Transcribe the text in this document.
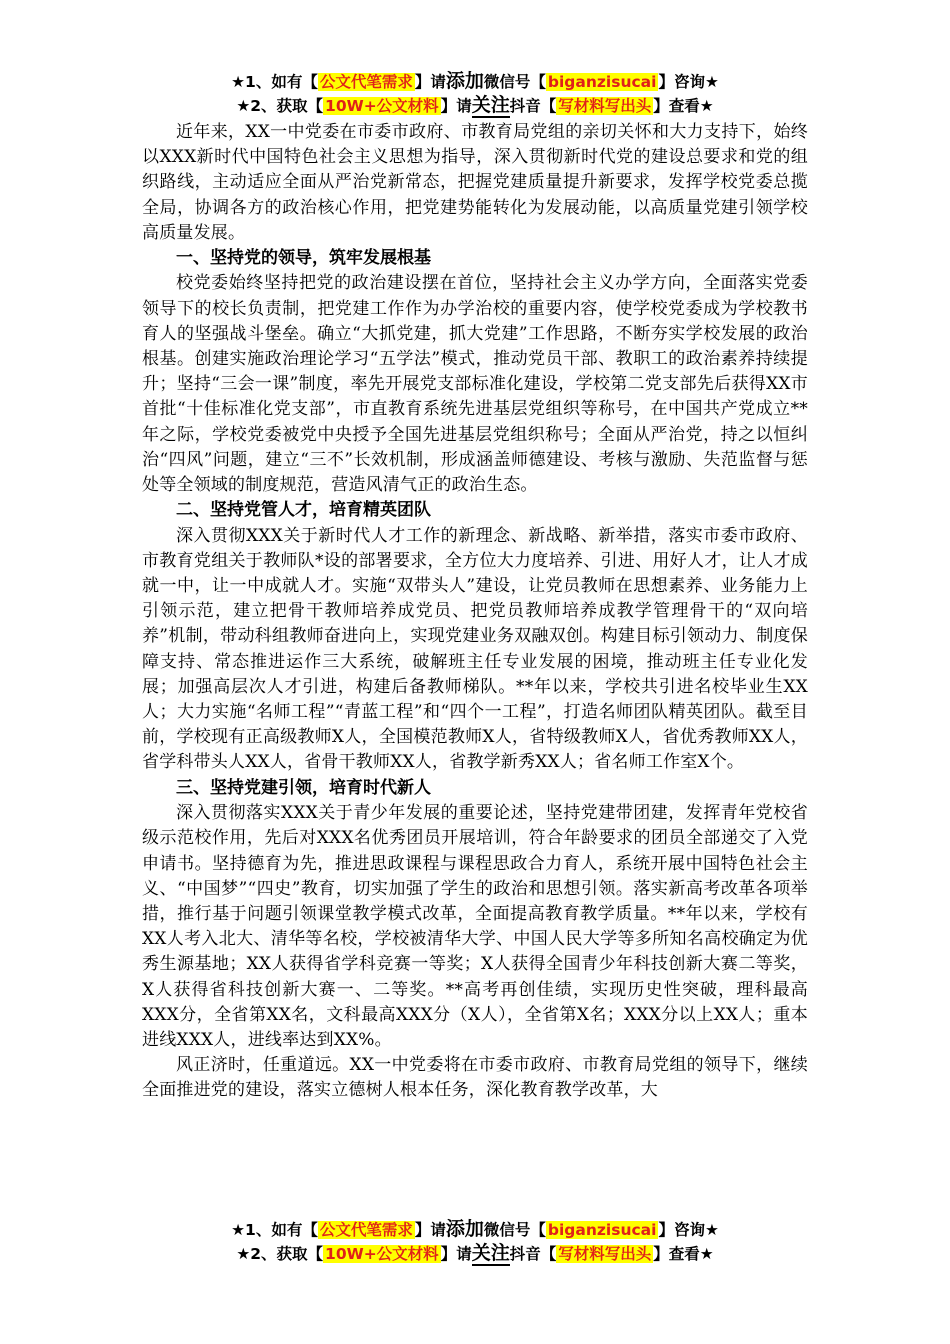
★1、如有【 公文代笔需求 】请添加微信号【 biganzisucai 】咨询★
★2、获取【 10W+公文材料 】请关注抖音【 写材料写出头 】查看★

近年来，XX一中党委在市委市政府、市教育局党组的亲切关怀和大力支持下，始终以XXX新时代中国特色社会主义思想为指导，深入贯彻新时代党的建设总要求和党的组织路线，主动适应全面从严治党新常态，把握党建质量提升新要求，发挥学校党委总揽全局，协调各方的政治核心作用，把党建势能转化为发展动能，以高质量党建引领学校高质量发展。

一、坚持党的领导，筑牢发展根基

校党委始终坚持把党的政治建设摆在首位，坚持社会主义办学方向，全面落实党委领导下的校长负责制，把党建工作作为办学治校的重要内容，使学校党委成为学校教书育人的坚强战斗堡垒。确立“大抓党建，抓大党建”工作思路，不断夯实学校发展的政治根基。创建实施政治理论学习“五学法”模式，推动党员干部、教职工的政治素养持续提升；坚持“三会一课”制度，率先开展党支部标准化建设，学校第二党支部先后获得XX市首批“十佳标准化党支部”，市直教育系统先进基层党组织等称号，在中国共产党成立**年之际，学校党委被党中央授予全国先进基层党组织称号；全面从严治党，持之以恒纠治“四风”问题，建立“三不”长效机制，形成涵盖师德建设、考核与激励、失范监督与惩处等全领域的制度规范，营造风清气正的政治生态。

二、坚持党管人才，培育精英团队

深入贯彻XXX关于新时代人才工作的新理念、新战略、新举措，落实市委市政府、市教育党组关于教师队*设的部署要求，全方位大力度培养、引进、用好人才，让人才成就一中，让一中成就人才。实施“双带头人”建设，让党员教师在思想素养、业务能力上引领示范，建立把骨干教师培养成党员、把党员教师培养成教学管理骨干的“双向培养”机制，带动科组教师奋进向上，实现党建业务双融双创。构建目标引领动力、制度保障支持、常态推进运作三大系统，破解班主任专业发展的困境，推动班主任专业化发展；加强高层次人才引进，构建后备教师梯队。**年以来，学校共引进名校毕业生XX人；大力实施“名师工程”“青蓝工程”和“四个一工程”，打造名师团队精英团队。截至目前，学校现有正高级教师X人，全国模范教师X人，省特级教师X人，省优秀教师XX人，省学科带头人XX人，省骨干教师XX人，省教学新秀XX人；省名师工作室X个。

三、坚持党建引领，培育时代新人

深入贯彻落实XXX关于青少年发展的重要论述，坚持党建带团建，发挥青年党校省级示范校作用，先后对XXX名优秀团员开展培训，符合年龄要求的团员全部递交了入党申请书。坚持德育为先，推进思政课程与课程思政合力育人，系统开展中国特色社会主义、“中国梦”“四史”教育，切实加强了学生的政治和思想引领。落实新高考改革各项举措，推行基于问题引领课堂教学模式改革，全面提高教育教学质量。**年以来，学校有XX人考入北大、清华等名校，学校被清华大学、中国人民大学等多所知名高校确定为优秀生源基地；XX人获得省学科竞赛一等奖；X人获得全国青少年科技创新大赛二等奖，X人获得省科技创新大赛一、二等奖。**高考再创佳绩，实现历史性突破，理科最高XXX分，全省第XX名，文科最高XXX分（X人），全省第X名；XXX分以上XX人；重本进线XXX人，进线率达到XX%。

风正济时，任重道远。XX一中党委将在市委市政府、市教育局党组的领导下，继续全面推进党的建设，落实立德树人根本任务，深化教育教学改革，大

★1、如有【 公文代笔需求 】请添加微信号【 biganzisucai 】咨询★
★2、获取【 10W+公文材料 】请关注抖音【 写材料写出头 】查看★
